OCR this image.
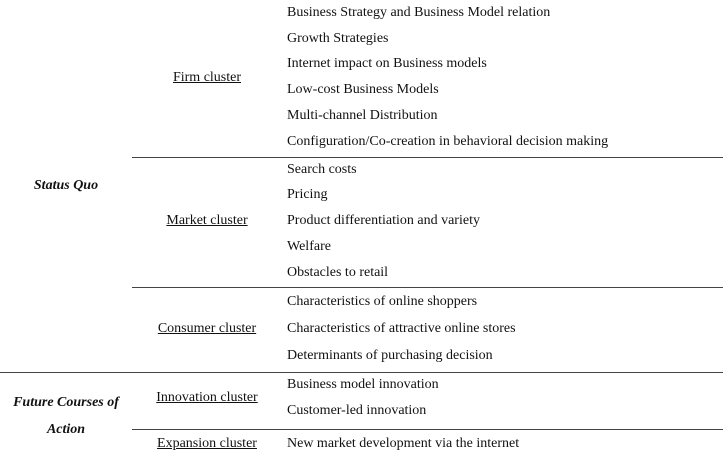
Status Quo
Firm cluster
Business Strategy and Business Model relation
Growth Strategies
Internet impact on Business models
Low-cost Business Models
Multi-channel Distribution
Configuration/Co-creation in behavioral decision making
Market cluster
Search costs
Pricing
Product differentiation and variety
Welfare
Obstacles to retail
Consumer cluster
Characteristics of online shoppers
Characteristics of attractive online stores
Determinants of purchasing decision
Future Courses of
Action
Innovation cluster
Business model innovation
Customer-led innovation
Expansion cluster	New market development via the internet
